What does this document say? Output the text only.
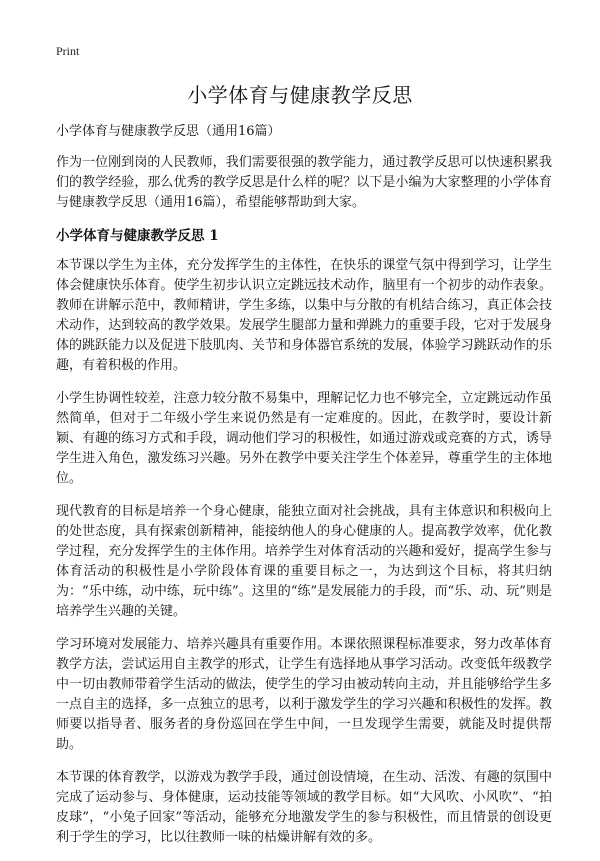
Print
小学体育与健康教学反思
小学体育与健康教学反思（通用16篇）

作为一位刚到岗的人民教师，我们需要很强的教学能力，通过教学反思可以快速积累我们的教学经验，那么优秀的教学反思是什么样的呢？以下是小编为大家整理的小学体育与健康教学反思（通用16篇），希望能够帮助到大家。

小学体育与健康教学反思 1

本节课以学生为主体，充分发挥学生的主体性，在快乐的课堂气氛中得到学习，让学生体会健康快乐体育。使学生初步认识立定跳远技术动作，脑里有一个初步的动作表象。教师在讲解示范中，教师精讲，学生多练，以集中与分散的有机结合练习，真正体会技术动作，达到较高的教学效果。发展学生腿部力量和弹跳力的重要手段，它对于发展身体的跳跃能力以及促进下肢肌肉、关节和身体器官系统的发展，体验学习跳跃动作的乐趣，有着积极的作用。

小学生协调性较差，注意力较分散不易集中，理解记忆力也不够完全，立定跳远动作虽然简单，但对于二年级小学生来说仍然是有一定难度的。因此，在教学时，要设计新颖、有趣的练习方式和手段，调动他们学习的积极性，如通过游戏或竞赛的方式，诱导学生进入角色，激发练习兴趣。另外在教学中要关注学生个体差异，尊重学生的主体地位。

现代教育的目标是培养一个身心健康，能独立面对社会挑战，具有主体意识和积极向上的处世态度，具有探索创新精神，能接纳他人的身心健康的人。提高教学效率，优化教学过程，充分发挥学生的主体作用。培养学生对体育活动的兴趣和爱好，提高学生参与体育活动的积极性是小学阶段体育课的重要目标之一，为达到这个目标，将其归纳为：“乐中练，动中练，玩中练”。这里的“练”是发展能力的手段，而“乐、动、玩”则是培养学生兴趣的关键。

学习环境对发展能力、培养兴趣具有重要作用。本课依照课程标准要求，努力改革体育教学方法，尝试运用自主教学的形式，让学生有选择地从事学习活动。改变低年级教学中一切由教师带着学生活动的做法，使学生的学习由被动转向主动，并且能够给学生多一点自主的选择，多一点独立的思考，以利于激发学生的学习兴趣和积极性的发挥。教师要以指导者、服务者的身份巡回在学生中间，一旦发现学生需要，就能及时提供帮助。

本节课的体育教学，以游戏为教学手段，通过创设情境，在生动、活泼、有趣的氛围中完成了运动参与、身体健康，运动技能等领域的教学目标。如“大风吹、小风吹”、“拍皮球”，“小兔子回家”等活动，能够充分地激发学生的参与积极性，而且情景的创设更利于学生的学习，比以往教师一味的枯燥讲解有效的多。
